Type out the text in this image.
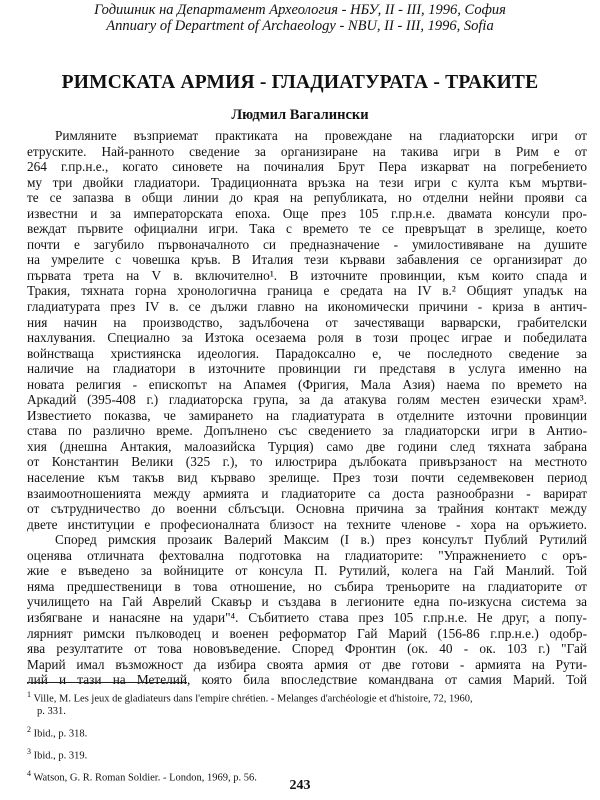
Годишник на Департамент Археология - НБУ, II - III, 1996, София
Annuary of Department of Archaeology - NBU, II - III, 1996, Sofia
РИМСКАТА АРМИЯ - ГЛАДИАТУРАТА - ТРАКИТЕ
Людмил Вагалински
Римляните възприемат практиката на провеждане на гладиаторски игри от
етруските. Най-ранното сведение за организиране на такива игри в Рим е от
264 г.пр.н.е., когато синовете на починалия Брут Пера изкарват на погребението
му три двойки гладиатори. Традиционната връзка на тези игри с култа към мъртви-
те се запазва в общи линии до края на републиката, но отделни нейни прояви са
известни и за императорската епоха. Още през 105 г.пр.н.е. двамата консули про-
веждат първите официални игри. Така с времето те се превръщат в зрелище, което
почти е загубило първоначалното си предназначение - умилостивяване на душите
на умрелите с човешка кръв. В Италия тези кървави забавления се организират до
първата трета на V в. включително¹. В източните провинции, към които спада и
Тракия, тяхната горна хронологична граница е средата на IV в.² Общият упадък на
гладиатурата през IV в. се дължи главно на икономически причини - криза в антич-
ния начин на производство, задълбочена от зачестяващи варварски, грабителски
нахлувания. Специално за Изтока осезаема роля в този процес играе и победилата
войнстваща християнска идеология. Парадоксално е, че последното сведение за
наличие на гладиатори в източните провинции ги представя в услуга именно на
новата религия - епископът на Апамея (Фригия, Мала Азия) наема по времето на
Аркадий (395-408 г.) гладиаторска група, за да атакува голям местен езически храм³.
Известието показва, че замирането на гладиатурата в отделните източни провинции
става по различно време. Допълнено със сведението за гладиаторски игри в Антио-
хия (днешна Антакия, малоазийска Турция) само две години след тяхната забрана
от Константин Велики (325 г.), то илюстрира дълбоката привързаност на местното
население към такъв вид кърваво зрелище. През този почти седемвековен период
взаимоотношенията между армията и гладиаторите са доста разнообразни - варират
от сътрудничество до военни сблъсъци. Основна причина за трайния контакт между
двете институции е професионалната близост на техните членове - хора на оръжието.
Според римския прозаик Валерий Максим (I в.) през консулът Публий Рутилий
оценява отличната фехтовална подготовка на гладиаторите: "Упражнението с оръ-
жие е въведено за войниците от консула П. Рутилий, колега на Гай Манлий. Той
няма предшественици в това отношение, но събира треньорите на гладиаторите от
училището на Гай Аврелий Скавър и създава в легионите една по-изкусна система за
избягване и нанасяне на удари"⁴. Събитието става през 105 г.пр.н.е. Не друг, а попу-
лярният римски пълководец и военен реформатор Гай Марий (156-86 г.пр.н.е.) одобр-
ява резултатите от това нововъведение. Според Фронтин (ок. 40 - ок. 103 г.) "Гай
Марий имал възможност да избира своята армия от две готови - армията на Рути-
лий и тази на Метелий, която била впоследствие командвана от самия Марий. Той
$^1$ Ville, M. Les jeux de gladiateurs dans l'empire chrétien. - Melanges d'archéologie et d'histoire, 72, 1960,
p. 331.
$^2$ Ibid., p. 318.
$^3$ Ibid., p. 319.
$^4$ Watson, G. R. Roman Soldier. - London, 1969, p. 56.
243
